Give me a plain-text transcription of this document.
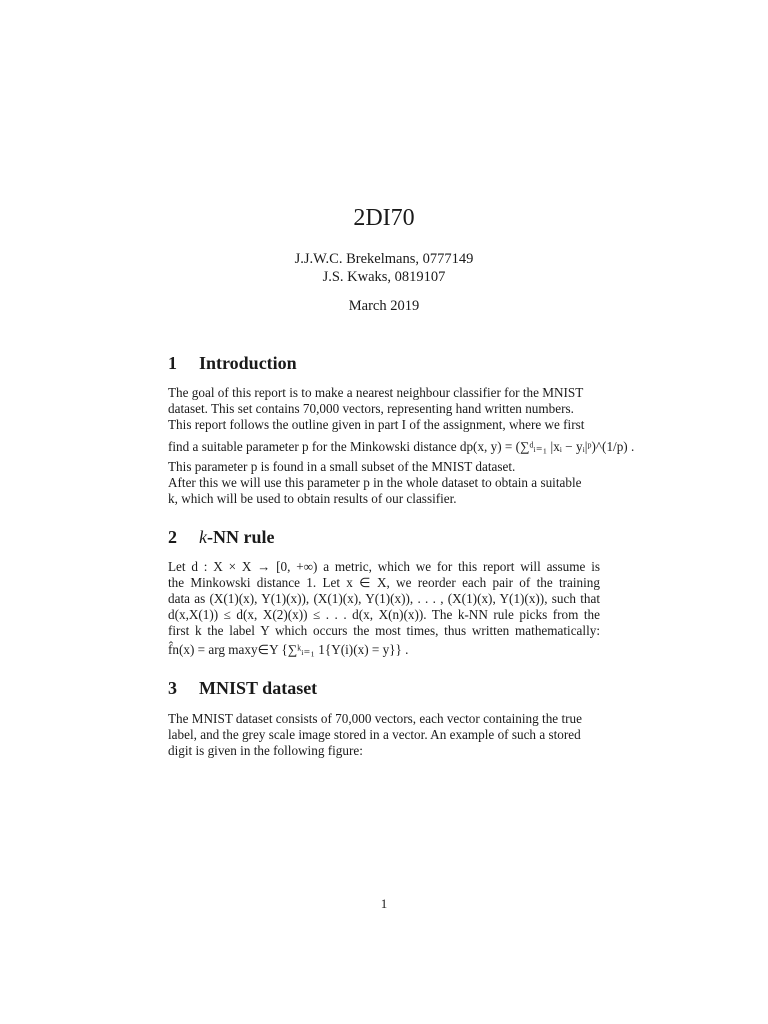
2DI70
J.J.W.C. Brekelmans, 0777149
J.S. Kwaks, 0819107
March 2019
1 Introduction
The goal of this report is to make a nearest neighbour classifier for the MNIST
dataset. This set contains 70,000 vectors, representing hand written numbers.
This report follows the outline given in part I of the assignment, where we first
find a suitable parameter p for the Minkowski distance dp(x, y) = (∑ᵈᵢ₌₁ |xᵢ − yᵢ|ᵖ)^(1/p) .
This parameter p is found in a small subset of the MNIST dataset.
After this we will use this parameter p in the whole dataset to obtain a suitable
k, which will be used to obtain results of our classifier.
2 k-NN rule
Let d : X × X → [0, +∞) a metric, which we for this report will assume is
the Minkowski distance 1. Let x ∈ X, we reorder each pair of the training
data as (X(1)(x), Y(1)(x)), (X(1)(x), Y(1)(x)), . . . , (X(1)(x), Y(1)(x)), such that
d(x,X(1)) ≤ d(x, X(2)(x)) ≤ . . . d(x, X(n)(x)). The k-NN rule picks from the
first k the label Y which occurs the most times, thus written mathematically:
f̂n(x) = arg maxy∈Y {∑ᵏᵢ₌₁ 1{Y(i)(x) = y}} .
3 MNIST dataset
The MNIST dataset consists of 70,000 vectors, each vector containing the true
label, and the grey scale image stored in a vector. An example of such a stored
digit is given in the following figure:
1
